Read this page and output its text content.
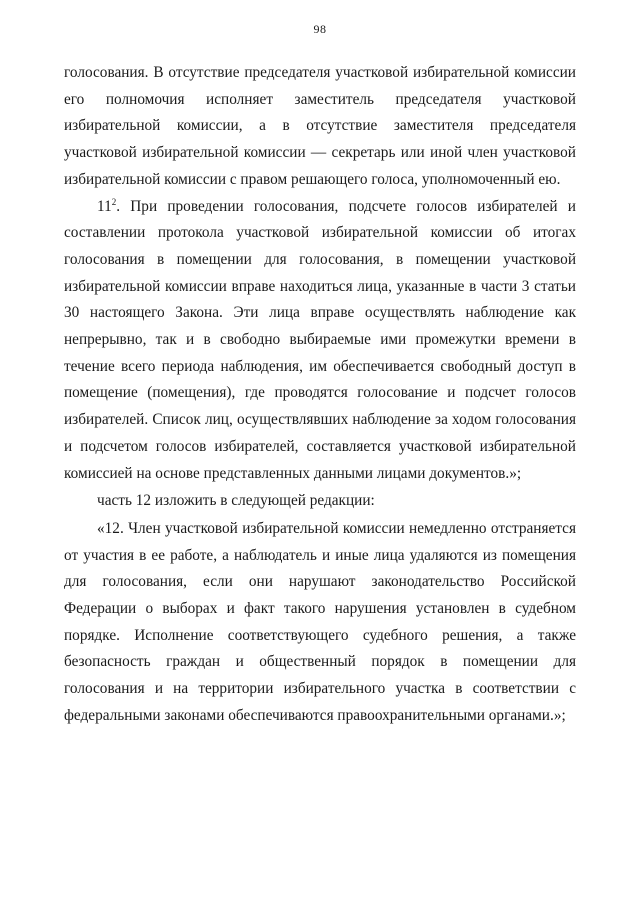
98

голосования. В отсутствие председателя участковой избирательной комиссии его полномочия исполняет заместитель председателя участковой избирательной комиссии, а в отсутствие заместителя председателя участковой избирательной комиссии — секретарь или иной член участковой избирательной комиссии с правом решающего голоса, уполномоченный ею.

$11^2$. При проведении голосования, подсчете голосов избирателей и составлении протокола участковой избирательной комиссии об итогах голосования в помещении для голосования, в помещении участковой избирательной комиссии вправе находиться лица, указанные в части 3 статьи 30 настоящего Закона. Эти лица вправе осуществлять наблюдение как непрерывно, так и в свободно выбираемые ими промежутки времени в течение всего периода наблюдения, им обеспечивается свободный доступ в помещение (помещения), где проводятся голосование и подсчет голосов избирателей. Список лиц, осуществлявших наблюдение за ходом голосования и подсчетом голосов избирателей, составляется участковой избирательной комиссией на основе представленных данными лицами документов.»;

часть 12 изложить в следующей редакции:

«12. Член участковой избирательной комиссии немедленно отстраняется от участия в ее работе, а наблюдатель и иные лица удаляются из помещения для голосования, если они нарушают законодательство Российской Федерации о выборах и факт такого нарушения установлен в судебном порядке. Исполнение соответствующего судебного решения, а также безопасность граждан и общественный порядок в помещении для голосования и на территории избирательного участка в соответствии с федеральными законами обеспечиваются правоохранительными органами.»;
